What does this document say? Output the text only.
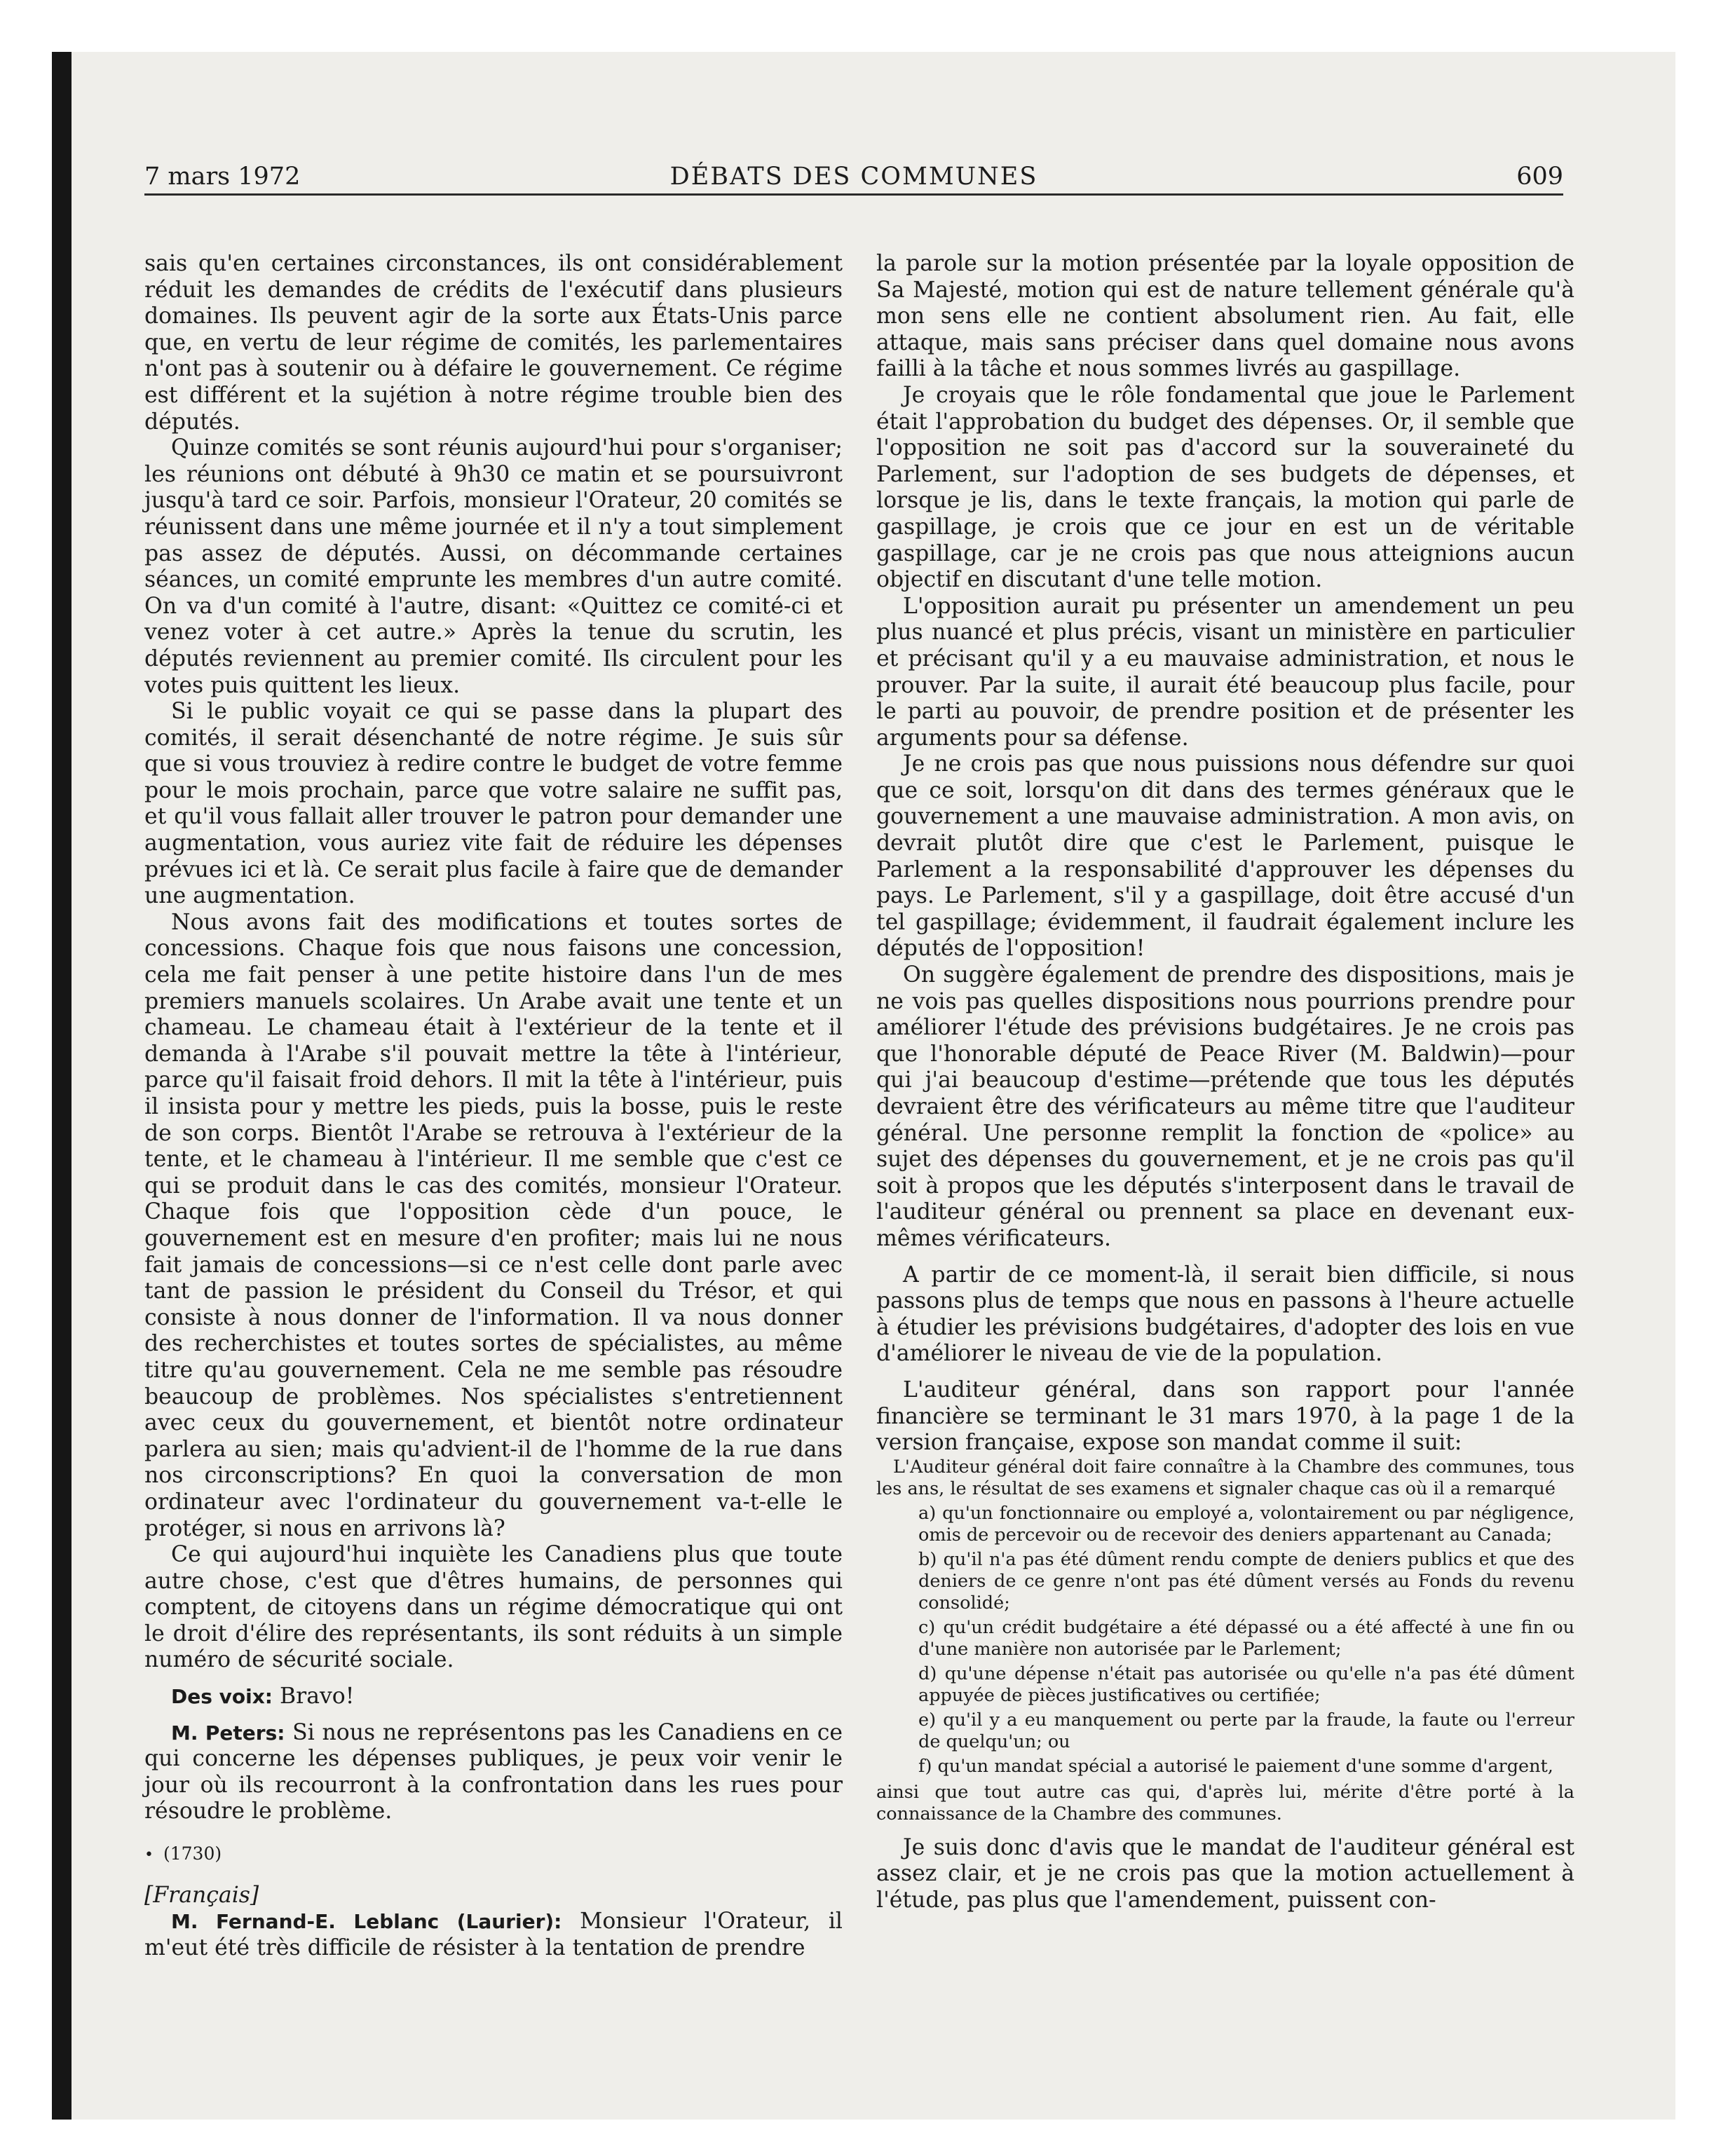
7 mars 1972	DÉBATS DES COMMUNES	609

sais qu'en certaines circonstances, ils ont considérablement réduit les demandes de crédits de l'exécutif dans plusieurs domaines. Ils peuvent agir de la sorte aux États-Unis parce que, en vertu de leur régime de comités, les parlementaires n'ont pas à soutenir ou à défaire le gouvernement. Ce régime est différent et la sujétion à notre régime trouble bien des députés.

Quinze comités se sont réunis aujourd'hui pour s'organiser; les réunions ont débuté à 9h30 ce matin et se poursuivront jusqu'à tard ce soir. Parfois, monsieur l'Orateur, 20 comités se réunissent dans une même journée et il n'y a tout simplement pas assez de députés. Aussi, on décommande certaines séances, un comité emprunte les membres d'un autre comité. On va d'un comité à l'autre, disant: «Quittez ce comité-ci et venez voter à cet autre.» Après la tenue du scrutin, les députés reviennent au premier comité. Ils circulent pour les votes puis quittent les lieux.

Si le public voyait ce qui se passe dans la plupart des comités, il serait désenchanté de notre régime. Je suis sûr que si vous trouviez à redire contre le budget de votre femme pour le mois prochain, parce que votre salaire ne suffit pas, et qu'il vous fallait aller trouver le patron pour demander une augmentation, vous auriez vite fait de réduire les dépenses prévues ici et là. Ce serait plus facile à faire que de demander une augmentation.

Nous avons fait des modifications et toutes sortes de concessions. Chaque fois que nous faisons une concession, cela me fait penser à une petite histoire dans l'un de mes premiers manuels scolaires. Un Arabe avait une tente et un chameau. Le chameau était à l'extérieur de la tente et il demanda à l'Arabe s'il pouvait mettre la tête à l'intérieur, parce qu'il faisait froid dehors. Il mit la tête à l'intérieur, puis il insista pour y mettre les pieds, puis la bosse, puis le reste de son corps. Bientôt l'Arabe se retrouva à l'extérieur de la tente, et le chameau à l'intérieur. Il me semble que c'est ce qui se produit dans le cas des comités, monsieur l'Orateur. Chaque fois que l'opposition cède d'un pouce, le gouvernement est en mesure d'en profiter; mais lui ne nous fait jamais de concessions—si ce n'est celle dont parle avec tant de passion le président du Conseil du Trésor, et qui consiste à nous donner de l'information. Il va nous donner des recherchistes et toutes sortes de spécialistes, au même titre qu'au gouvernement. Cela ne me semble pas résoudre beaucoup de problèmes. Nos spécialistes s'entretiennent avec ceux du gouvernement, et bientôt notre ordinateur parlera au sien; mais qu'advient-il de l'homme de la rue dans nos circonscriptions? En quoi la conversation de mon ordinateur avec l'ordinateur du gouvernement va-t-elle le protéger, si nous en arrivons là?

Ce qui aujourd'hui inquiète les Canadiens plus que toute autre chose, c'est que d'êtres humains, de personnes qui comptent, de citoyens dans un régime démocratique qui ont le droit d'élire des représentants, ils sont réduits à un simple numéro de sécurité sociale.

Des voix: Bravo!

M. Peters: Si nous ne représentons pas les Canadiens en ce qui concerne les dépenses publiques, je peux voir venir le jour où ils recourront à la confrontation dans les rues pour résoudre le problème.

• (1730)

[Français]

M. Fernand-E. Leblanc (Laurier): Monsieur l'Orateur, il m'eut été très difficile de résister à la tentation de prendre

la parole sur la motion présentée par la loyale opposition de Sa Majesté, motion qui est de nature tellement générale qu'à mon sens elle ne contient absolument rien. Au fait, elle attaque, mais sans préciser dans quel domaine nous avons failli à la tâche et nous sommes livrés au gaspillage.

Je croyais que le rôle fondamental que joue le Parlement était l'approbation du budget des dépenses. Or, il semble que l'opposition ne soit pas d'accord sur la souveraineté du Parlement, sur l'adoption de ses budgets de dépenses, et lorsque je lis, dans le texte français, la motion qui parle de gaspillage, je crois que ce jour en est un de véritable gaspillage, car je ne crois pas que nous atteignions aucun objectif en discutant d'une telle motion.

L'opposition aurait pu présenter un amendement un peu plus nuancé et plus précis, visant un ministère en particulier et précisant qu'il y a eu mauvaise administration, et nous le prouver. Par la suite, il aurait été beaucoup plus facile, pour le parti au pouvoir, de prendre position et de présenter les arguments pour sa défense.

Je ne crois pas que nous puissions nous défendre sur quoi que ce soit, lorsqu'on dit dans des termes généraux que le gouvernement a une mauvaise administration. A mon avis, on devrait plutôt dire que c'est le Parlement, puisque le Parlement a la responsabilité d'approuver les dépenses du pays. Le Parlement, s'il y a gaspillage, doit être accusé d'un tel gaspillage; évidemment, il faudrait également inclure les députés de l'opposition!

On suggère également de prendre des dispositions, mais je ne vois pas quelles dispositions nous pourrions prendre pour améliorer l'étude des prévisions budgétaires. Je ne crois pas que l'honorable député de Peace River (M. Baldwin)—pour qui j'ai beaucoup d'estime—prétende que tous les députés devraient être des vérificateurs au même titre que l'auditeur général. Une personne remplit la fonction de «police» au sujet des dépenses du gouvernement, et je ne crois pas qu'il soit à propos que les députés s'interposent dans le travail de l'auditeur général ou prennent sa place en devenant eux-mêmes vérificateurs.

A partir de ce moment-là, il serait bien difficile, si nous passons plus de temps que nous en passons à l'heure actuelle à étudier les prévisions budgétaires, d'adopter des lois en vue d'améliorer le niveau de vie de la population.

L'auditeur général, dans son rapport pour l'année financière se terminant le 31 mars 1970, à la page 1 de la version française, expose son mandat comme il suit:

L'Auditeur général doit faire connaître à la Chambre des communes, tous les ans, le résultat de ses examens et signaler chaque cas où il a remarqué

a) qu'un fonctionnaire ou employé a, volontairement ou par négligence, omis de percevoir ou de recevoir des deniers appartenant au Canada;

b) qu'il n'a pas été dûment rendu compte de deniers publics et que des deniers de ce genre n'ont pas été dûment versés au Fonds du revenu consolidé;

c) qu'un crédit budgétaire a été dépassé ou a été affecté à une fin ou d'une manière non autorisée par le Parlement;

d) qu'une dépense n'était pas autorisée ou qu'elle n'a pas été dûment appuyée de pièces justificatives ou certifiée;

e) qu'il y a eu manquement ou perte par la fraude, la faute ou l'erreur de quelqu'un; ou

f) qu'un mandat spécial a autorisé le paiement d'une somme d'argent,

ainsi que tout autre cas qui, d'après lui, mérite d'être porté à la connaissance de la Chambre des communes.

Je suis donc d'avis que le mandat de l'auditeur général est assez clair, et je ne crois pas que la motion actuellement à l'étude, pas plus que l'amendement, puissent con-
